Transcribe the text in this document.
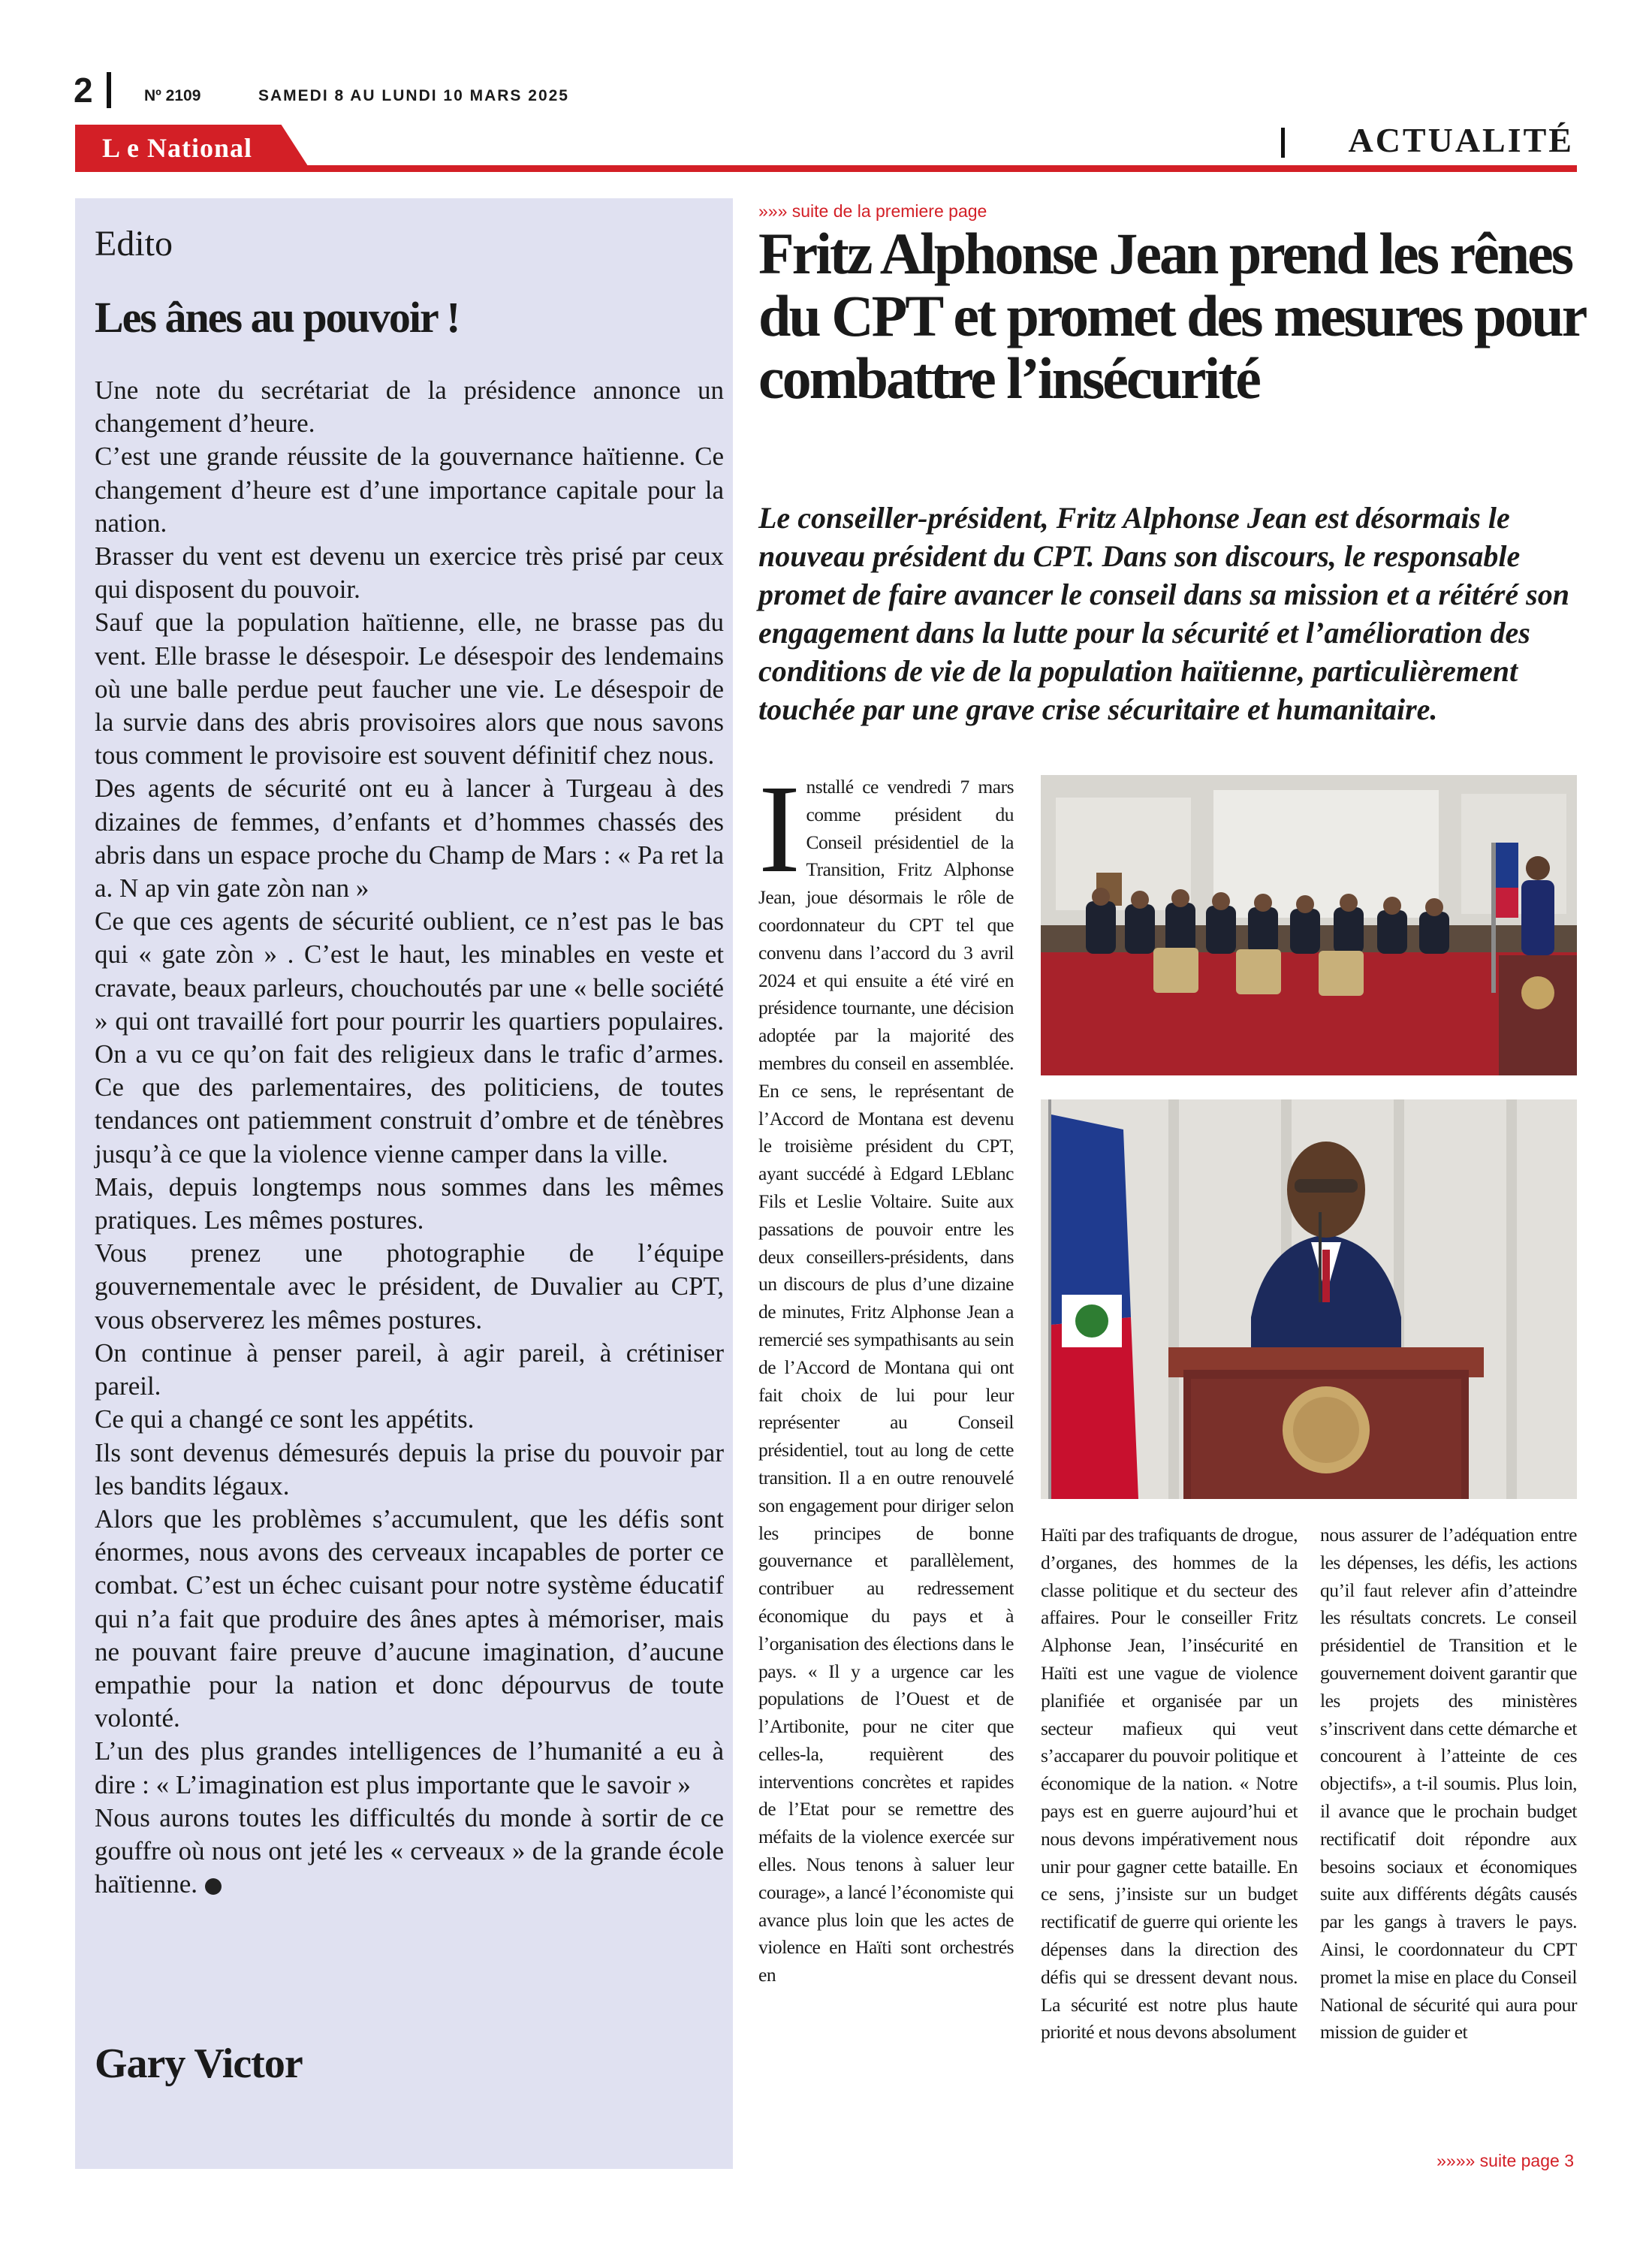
2	Nº 2109	SAMEDI 8 AU LUNDI 10 MARS 2025
L e National	ACTUALITÉ
Edito
Les ânes au pouvoir !

Une note du secrétariat de la présidence annonce un changement d’heure.

C’est une grande réussite de la gouvernance haïtienne. Ce changement d’heure est d’une importance capitale pour la nation.

Brasser du vent est devenu un exercice très prisé par ceux qui disposent du pouvoir.

Sauf que la population haïtienne, elle, ne brasse pas du vent. Elle brasse le désespoir. Le désespoir des lendemains où une balle perdue peut faucher une vie. Le désespoir de la survie dans des abris provisoires alors que nous savons tous comment le provisoire est souvent définitif chez nous.

Des agents de sécurité ont eu à lancer à Turgeau à des dizaines de femmes, d’enfants et d’hommes chassés des abris dans un espace proche du Champ de Mars : « Pa ret la a. N ap vin gate zòn nan »

Ce que ces agents de sécurité oublient, ce n’est pas le bas qui « gate zòn » . C’est le haut, les minables en veste et cravate, beaux parleurs, chouchoutés par une « belle société » qui ont travaillé fort pour pourrir les quartiers populaires. On a vu ce qu’on fait des religieux dans le trafic d’armes. Ce que des parlementaires, des politiciens, de toutes tendances ont patiemment construit d’ombre et de ténèbres jusqu’à ce que la violence vienne camper dans la ville.

Mais, depuis longtemps nous sommes dans les mêmes pratiques. Les mêmes postures.

Vous prenez une photographie de l’équipe gouvernementale avec le président, de Duvalier au CPT, vous observerez les mêmes postures.

On continue à penser pareil, à agir pareil, à crétiniser pareil.

Ce qui a changé ce sont les appétits.

Ils sont devenus démesurés depuis la prise du pouvoir par les bandits légaux.

Alors que les problèmes s’accumulent, que les défis sont énormes, nous avons des cerveaux incapables de porter ce combat. C’est un échec cuisant pour notre système éducatif qui n’a fait que produire des ânes aptes à mémoriser, mais ne pouvant faire preuve d’aucune imagination, d’aucune empathie pour la nation et donc dépourvus de toute volonté.

L’un des plus grandes intelligences de l’humanité a eu à dire : « L’imagination est plus importante que le savoir »

Nous aurons toutes les difficultés du monde à sortir de ce gouffre où nous ont jeté les « cerveaux » de la grande école haïtienne.

Gary Victor
»»» suite de la premiere page
Fritz Alphonse Jean prend les rênes du CPT et promet des mesures pour combattre l’insécurité
Le conseiller-président, Fritz Alphonse Jean est désormais le nouveau président du CPT. Dans son discours, le responsable promet de faire avancer le conseil dans sa mission et a réitéré son engagement dans la lutte pour la sécurité et l’amélioration des conditions de vie de la population haïtienne, particulièrement touchée par une grave crise sécuritaire et humanitaire.

Installé ce vendredi 7 mars comme président du Conseil présidentiel de la Transition, Fritz Alphonse Jean, joue désormais le rôle de coordonnateur du CPT tel que convenu dans l’accord du 3 avril 2024 et qui ensuite a été viré en présidence tournante, une décision adoptée par la majorité des membres du conseil en assemblée. En ce sens, le représentant de l’Accord de Montana est devenu le troisième président du CPT, ayant succédé à Edgard LEblanc Fils et Leslie Voltaire. Suite aux passations de pouvoir entre les deux conseillers-présidents, dans un discours de plus d’une dizaine de minutes, Fritz Alphonse Jean a remercié ses sympathisants au sein de l’Accord de Montana qui ont fait choix de lui pour leur représenter au Conseil présidentiel, tout au long de cette transition. Il a en outre renouvelé son engagement pour diriger selon les principes de bonne gouvernance et parallèlement, contribuer au redressement économique du pays et à l’organisation des élections dans le pays. « Il y a urgence car les populations de l’Ouest et de l’Artibonite, pour ne citer que celles-la, requièrent des interventions concrètes et rapides de l’Etat pour se remettre des méfaits de la violence exercée sur elles. Nous tenons à saluer leur courage», a lancé l’économiste qui avance plus loin que les actes de violence en Haïti sont orchestrés en

Haïti par des trafiquants de drogue, d’organes, des hommes de la classe politique et du secteur des affaires. Pour le conseiller Fritz Alphonse Jean, l’insécurité en Haïti est une vague de violence planifiée et organisée par un secteur mafieux qui veut s’accaparer du pouvoir politique et économique de la nation. « Notre pays est en guerre aujourd’hui et nous devons impérativement nous unir pour gagner cette bataille. En ce sens, j’insiste sur un budget rectificatif de guerre qui oriente les dépenses dans la direction des défis qui se dressent devant nous. La sécurité est notre plus haute priorité et nous devons absolument
nous assurer de l’adéquation entre les dépenses, les défis, les actions qu’il faut relever afin d’atteindre les résultats concrets. Le conseil présidentiel de Transition et le gouvernement doivent garantir que les projets des ministères s’inscrivent dans cette démarche et concourent à l’atteinte de ces objectifs», a t-il soumis. Plus loin, il avance que le prochain budget rectificatif doit répondre aux besoins sociaux et économiques suite aux différents dégâts causés par les gangs à travers le pays. Ainsi, le coordonnateur du CPT promet la mise en place du Conseil National de sécurité qui aura pour mission de guider et
»»»» suite page 3
